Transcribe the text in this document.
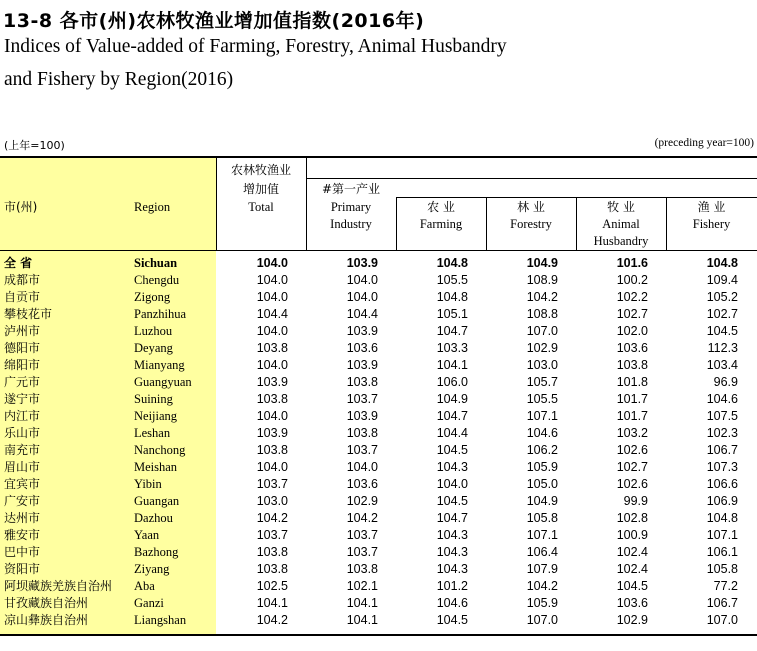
13-8 各市(州)农林牧渔业增加值指数(2016年)
Indices of Value-added of Farming, Forestry, Animal Husbandry
and Fishery by Region(2016)
(上年=100)	(preceding year=100)
市(州)	Region
农林牧渔业
增加值
Total
#第一产业
Primary
Industry
农 业
Farming
林 业
Forestry
牧 业
Animal
Husbandry
渔 业
Fishery
全 省	Sichuan	104.0	103.9	104.8	104.9	101.6	104.8
成都市	Chengdu	104.0	104.0	105.5	108.9	100.2	109.4
自贡市	Zigong	104.0	104.0	104.8	104.2	102.2	105.2
攀枝花市	Panzhihua	104.4	104.4	105.1	108.8	102.7	102.7
泸州市	Luzhou	104.0	103.9	104.7	107.0	102.0	104.5
德阳市	Deyang	103.8	103.6	103.3	102.9	103.6	112.3
绵阳市	Mianyang	104.0	103.9	104.1	103.0	103.8	103.4
广元市	Guangyuan	103.9	103.8	106.0	105.7	101.8	96.9
遂宁市	Suining	103.8	103.7	104.9	105.5	101.7	104.6
内江市	Neijiang	104.0	103.9	104.7	107.1	101.7	107.5
乐山市	Leshan	103.9	103.8	104.4	104.6	103.2	102.3
南充市	Nanchong	103.8	103.7	104.5	106.2	102.6	106.7
眉山市	Meishan	104.0	104.0	104.3	105.9	102.7	107.3
宜宾市	Yibin	103.7	103.6	104.0	105.0	102.6	106.6
广安市	Guangan	103.0	102.9	104.5	104.9	99.9	106.9
达州市	Dazhou	104.2	104.2	104.7	105.8	102.8	104.8
雅安市	Yaan	103.7	103.7	104.3	107.1	100.9	107.1
巴中市	Bazhong	103.8	103.7	104.3	106.4	102.4	106.1
资阳市	Ziyang	103.8	103.8	104.3	107.9	102.4	105.8
阿坝藏族羌族自治州 Aba	102.5	102.1	101.2	104.2	104.5	77.2
甘孜藏族自治州	Ganzi	104.1	104.1	104.6	105.9	103.6	106.7
凉山彝族自治州	Liangshan	104.2	104.1	104.5	107.0	102.9	107.0
